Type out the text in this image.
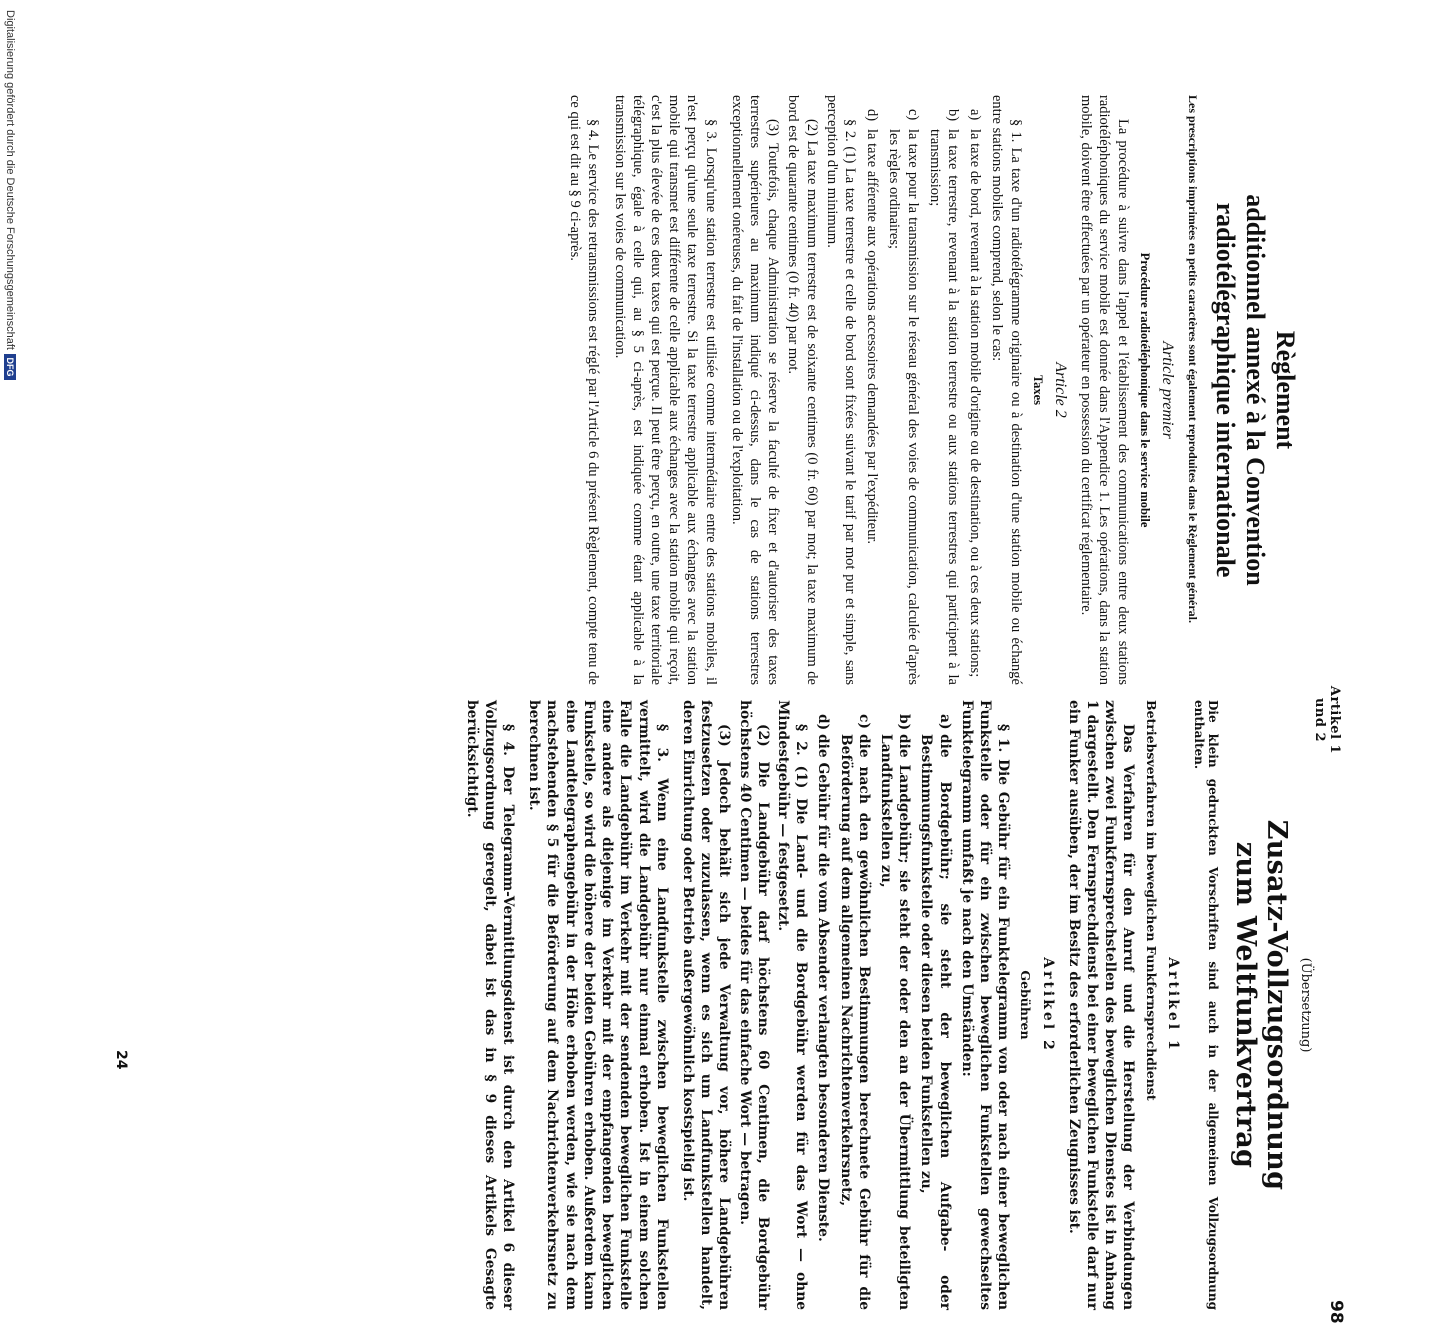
Artikel 1 und 2
98
Règlement
additionnel annexé à la Convention
radiotélégraphique internationale
Les prescriptions imprimées en petits caractères sont également reproduites dans le Règlement général.
Article premier
Procédure radiotéléphonique dans le service mobile
La procédure à suivre dans l'appel et l'établissement des communications entre deux stations radiotéléphoniques du service mobile est donnée dans l'Appendice 1. Les opérations, dans la station mobile, doivent être effectuées par un opérateur en possession du certificat réglementaire.
Article 2
Taxes
§ 1. La taxe d'un radiotélégramme originaire ou à destination d'une station mobile ou échangé entre stations mobiles comprend, selon le cas:
a)
la taxe de bord, revenant à la station mobile d'origine ou de destination, ou à ces deux stations;
b)
la taxe terrestre, revenant à la station terrestre ou aux stations terrestres qui participent à la transmission;
c)
la taxe pour la transmission sur le réseau général des voies de communication, calculée d'après les règles ordinaires;
d)
la taxe afférente aux opérations accessoires demandées par l'expéditeur.
§ 2. (1) La taxe terrestre et celle de bord sont fixées suivant le tarif par mot pur et simple, sans perception d'un minimum.
(2) La taxe maximum terrestre est de soixante centimes (0 fr. 60) par mot; la taxe maximum de bord est de quarante centimes (0 fr. 40) par mot.
(3) Toutefois, chaque Administration se réserve la faculté de fixer et d'autoriser des taxes terrestres supérieures au maximum indiqué ci-dessus, dans le cas de stations terrestres exceptionnellement onéreuses, du fait de l'installation ou de l'exploitation.
§ 3. Lorsqu'une station terrestre est utilisée comme intermédiaire entre des stations mobiles, il n'est perçu qu'une seule taxe terrestre. Si la taxe terrestre applicable aux échanges avec la station mobile qui transmet est différente de celle applicable aux échanges avec la station mobile qui reçoit, c'est la plus élevée de ces deux taxes qui est perçue. Il peut être perçu, en outre, une taxe territoriale télégraphique, égale à celle qui, au § 5 ci-après, est indiquée comme étant applicable à la transmission sur les voies de communication.
§ 4. Le service des retransmissions est réglé par l'Article 6 du présent Règlement, compte tenu de ce qui est dit au § 9 ci-après.
(Übersetzung)
Zusatz-Vollzugsordnung
zum Weltfunkvertrag
Die klein gedruckten Vorschriften sind auch in der allgemeinen Vollzugsordnung enthalten.
Artikel 1
Betriebsverfahren im beweglichen Funkfernsprechdienst
Das Verfahren für den Anruf und die Herstellung der Verbindungen zwischen zwei Funkfernsprechstellen des beweglichen Dienstes ist in Anhang 1 dargestellt. Den Fernsprechdienst bei einer beweglichen Funkstelle darf nur ein Funker ausüben, der im Besitz des erforderlichen Zeugnisses ist.
Artikel 2
Gebühren
§ 1. Die Gebühr für ein Funktelegramm von oder nach einer beweglichen Funkstelle oder für ein zwischen beweglichen Funkstellen gewechseltes Funktelegramm umfaßt je nach den Umständen:
a)
die Bordgebühr; sie steht der beweglichen Aufgabe- oder Bestimmungsfunkstelle oder diesen beiden Funkstellen zu,
b)
die Landgebühr; sie steht der oder den an der Übermittlung beteiligten Landfunkstellen zu,
c)
die nach den gewöhnlichen Bestimmungen berechnete Gebühr für die Beförderung auf dem allgemeinen Nachrichtenverkehrsnetz,
d)
die Gebühr für die vom Absender verlangten besonderen Dienste.
§ 2. (1) Die Land- und die Bordgebühr werden für das Wort — ohne Mindestgebühr — festgesetzt.
(2) Die Landgebühr darf höchstens 60 Centimen, die Bordgebühr höchstens 40 Centimen — beides für das einfache Wort — betragen.
(3) Jedoch behält sich jede Verwaltung vor, höhere Landgebühren festzusetzen oder zuzulassen, wenn es sich um Landfunkstellen handelt, deren Einrichtung oder Betrieb außergewöhnlich kostspielig ist.
§ 3. Wenn eine Landfunkstelle zwischen beweglichen Funkstellen vermittelt, wird die Landgebühr nur einmal erhoben. Ist in einem solchen Falle die Landgebühr im Verkehr mit der sendenden beweglichen Funkstelle eine andere als diejenige im Verkehr mit der empfangenden beweglichen Funkstelle, so wird die höhere der beiden Gebühren erhoben. Außerdem kann eine Landtelegraphengebühr in der Höhe erhoben werden, wie sie nach dem nachstehenden § 5 für die Beförderung auf dem Nachrichtenverkehrsnetz zu berechnen ist.
§ 4. Der Telegramm-Vermittlungsdienst ist durch den Artikel 6 dieser Vollzugsordnung geregelt, dabei ist das in § 9 dieses Artikels Gesagte berücksichtigt.
24
Digitalisierung gefördert durch die Deutsche Forschungsgemeinschaft
DFG
